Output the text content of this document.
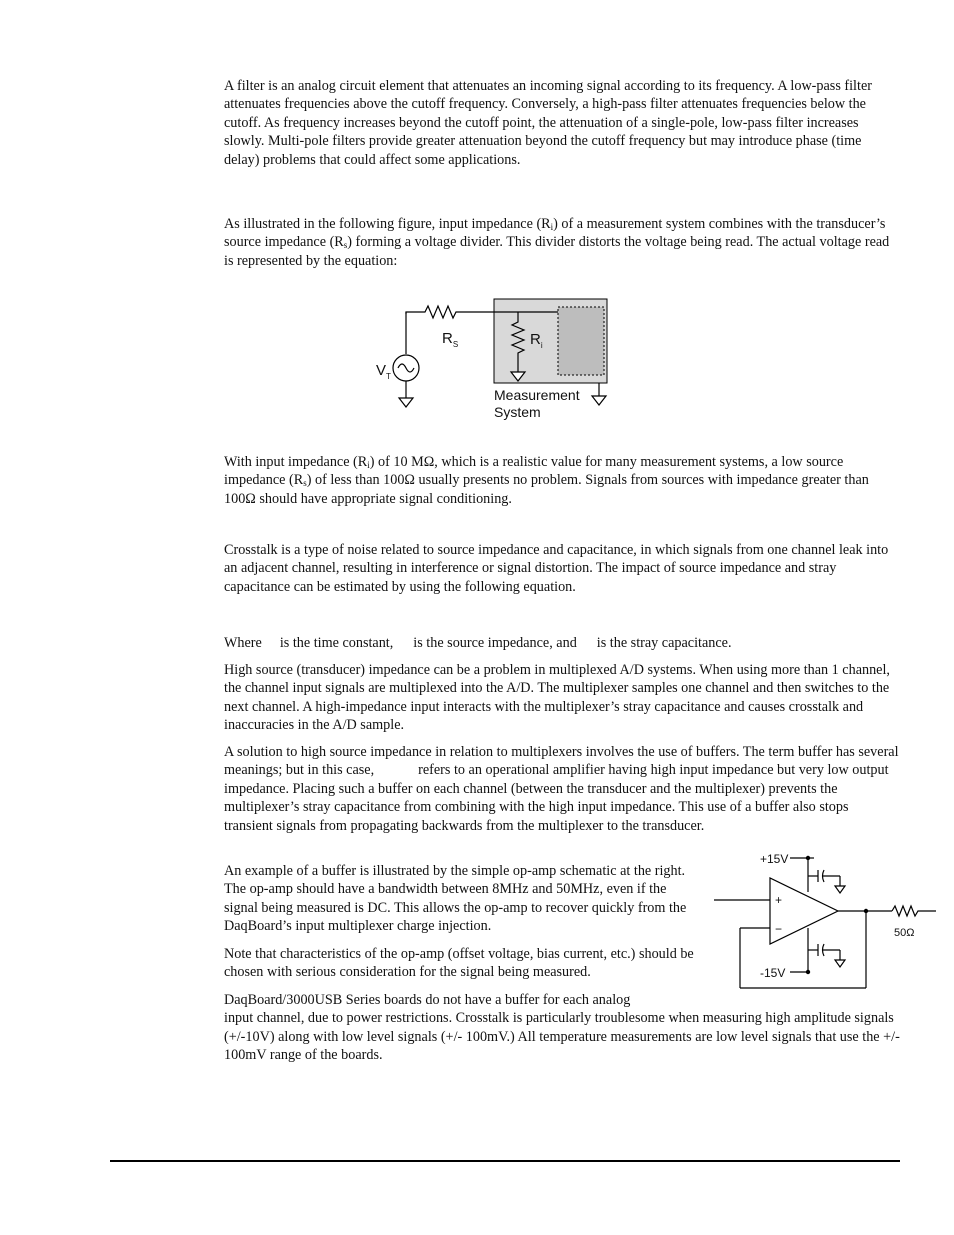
A filter is an analog circuit element that attenuates an incoming signal according to its frequency. A low-pass filter attenuates frequencies above the cutoff frequency. Conversely, a high-pass filter attenuates frequencies below the cutoff. As frequency increases beyond the cutoff point, the attenuation of a single-pole, low-pass filter increases slowly. Multi-pole filters provide greater attenuation beyond the cutoff frequency but may introduce phase (time delay) problems that could affect some applications.

As illustrated in the following figure, input impedance $(R_i)$ of a measurement system combines with the transducer’s source impedance $(R_s)$ forming a voltage divider. This divider distorts the voltage being read. The actual voltage read is represented by the equation:

$R_S$	$R_i$
$V_T$
Measurement
System

With input impedance $(R_i)$ of 10 MΩ, which is a realistic value for many measurement systems, a low source impedance $(R_s)$ of less than 100Ω usually presents no problem. Signals from sources with impedance greater than 100Ω should have appropriate signal conditioning.

Crosstalk is a type of noise related to source impedance and capacitance, in which signals from one channel leak into an adjacent channel, resulting in interference or signal distortion. The impact of source impedance and stray capacitance can be estimated by using the following equation.

Where is the time constant, is the source impedance, and is the stray capacitance.

High source (transducer) impedance can be a problem in multiplexed A/D systems. When using more than 1 channel, the channel input signals are multiplexed into the A/D. The multiplexer samples one channel and then switches to the next channel. A high-impedance input interacts with the multiplexer’s stray capacitance and causes crosstalk and inaccuracies in the A/D sample.

A solution to high source impedance in relation to multiplexers involves the use of buffers. The term buffer has several meanings; but in this case,	refers to an operational amplifier having high input impedance but very low output impedance. Placing such a buffer on each channel (between the transducer and the multiplexer) prevents the multiplexer’s stray capacitance from combining with the high input impedance. This use of a buffer also stops transient signals from propagating backwards from the multiplexer to the transducer.

An example of a buffer is illustrated by the simple op-amp schematic at the right. The op-amp should have a bandwidth between 8MHz and 50MHz, even if the signal being measured is DC. This allows the op-amp to recover quickly from the DaqBoard’s input multiplexer charge injection.

Note that characteristics of the op-amp (offset voltage, bias current, etc.) should be chosen with serious consideration for the signal being measured.

DaqBoard/3000USB Series boards do not have a buffer for each analog
input channel, due to power restrictions. Crosstalk is particularly troublesome when measuring high amplitude signals (+/-10V) along with low level signals (+/- 100mV.) All temperature measurements are low level signals that use the +/- 100mV range of the boards.

+15V
+
−	50Ω
-15V
